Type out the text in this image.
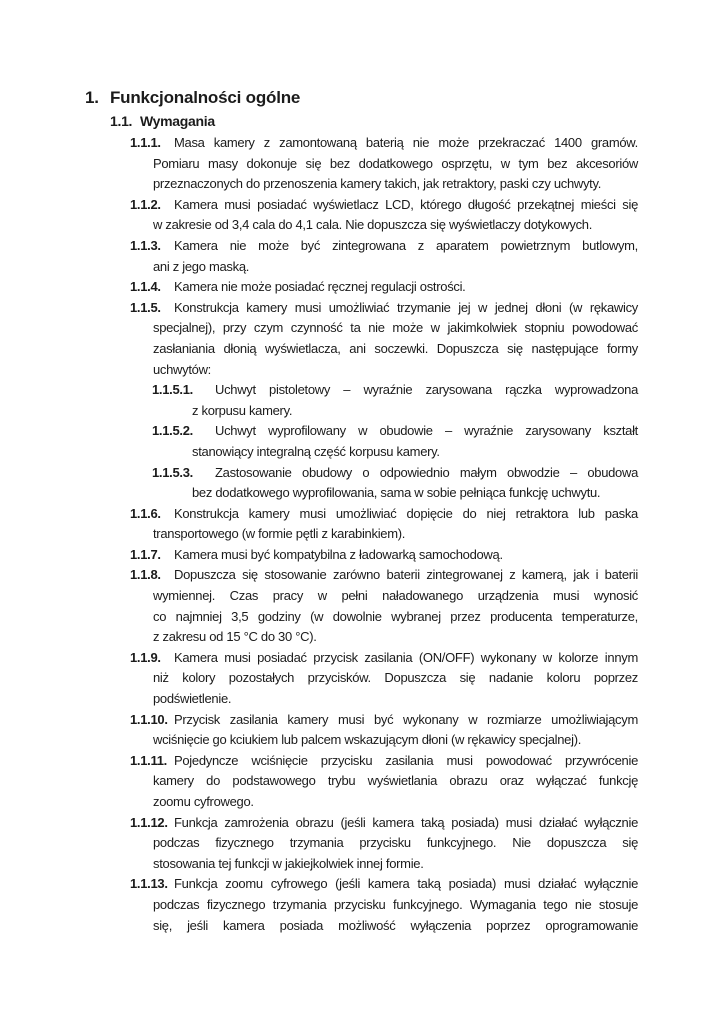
1. Funkcjonalności ogólne
1.1. Wymagania
1.1.1.	Masa kamery z zamontowaną baterią nie może przekraczać 1400 gramów.
Pomiaru masy dokonuje się bez dodatkowego osprzętu, w tym bez akcesoriów
przeznaczonych do przenoszenia kamery takich, jak retraktory, paski czy uchwyty.
1.1.2.	Kamera musi posiadać wyświetlacz LCD, którego długość przekątnej mieści się
w zakresie od 3,4 cala do 4,1 cala. Nie dopuszcza się wyświetlaczy dotykowych.
1.1.3.	Kamera nie może być zintegrowana z aparatem powietrznym butlowym,
ani z jego maską.
1.1.4.	Kamera nie może posiadać ręcznej regulacji ostrości.
1.1.5.	Konstrukcja kamery musi umożliwiać trzymanie jej w jednej dłoni (w rękawicy
specjalnej), przy czym czynność ta nie może w jakimkolwiek stopniu powodować
zasłaniania dłonią wyświetlacza, ani soczewki. Dopuszcza się następujące formy
uchwytów:
1.1.5.1.	Uchwyt pistoletowy – wyraźnie zarysowana rączka wyprowadzona
z korpusu kamery.
1.1.5.2.	Uchwyt wyprofilowany w obudowie – wyraźnie zarysowany kształt
stanowiący integralną część korpusu kamery.
1.1.5.3.	Zastosowanie obudowy o odpowiednio małym obwodzie – obudowa
bez dodatkowego wyprofilowania, sama w sobie pełniąca funkcję uchwytu.
1.1.6.	Konstrukcja kamery musi umożliwiać dopięcie do niej retraktora lub paska
transportowego (w formie pętli z karabinkiem).
1.1.7.	Kamera musi być kompatybilna z ładowarką samochodową.
1.1.8.	Dopuszcza się stosowanie zarówno baterii zintegrowanej z kamerą, jak i baterii
wymiennej. Czas pracy w pełni naładowanego urządzenia musi wynosić
co najmniej 3,5 godziny (w dowolnie wybranej przez producenta temperaturze,
z zakresu od 15 °C do 30 °C).
1.1.9.	Kamera musi posiadać przycisk zasilania (ON/OFF) wykonany w kolorze innym
niż kolory pozostałych przycisków. Dopuszcza się nadanie koloru poprzez
podświetlenie.
1.1.10. Przycisk zasilania kamery musi być wykonany w rozmiarze umożliwiającym
wciśnięcie go kciukiem lub palcem wskazującym dłoni (w rękawicy specjalnej).
1.1.11. Pojedyncze wciśnięcie przycisku zasilania musi powodować przywrócenie
kamery do podstawowego trybu wyświetlania obrazu oraz wyłączać funkcję
zoomu cyfrowego.
1.1.12. Funkcja zamrożenia obrazu (jeśli kamera taką posiada) musi działać wyłącznie
podczas fizycznego trzymania przycisku funkcyjnego. Nie dopuszcza się
stosowania tej funkcji w jakiejkolwiek innej formie.
1.1.13. Funkcja zoomu cyfrowego (jeśli kamera taką posiada) musi działać wyłącznie
podczas fizycznego trzymania przycisku funkcyjnego. Wymagania tego nie stosuje
się, jeśli kamera posiada możliwość wyłączenia poprzez oprogramowanie
